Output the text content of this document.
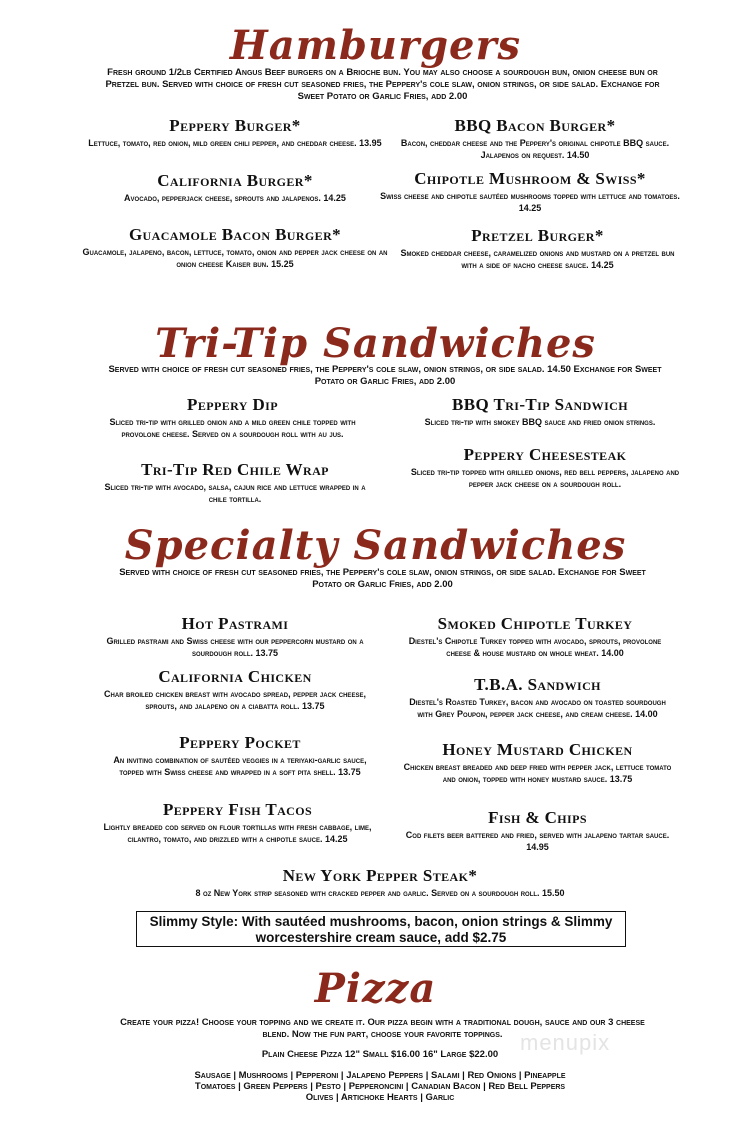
Hamburgers
Fresh ground 1/2lb Certified Angus Beef burgers on a Brioche bun. You may also choose a sourdough bun, onion cheese bun or Pretzel bun. Served with choice of fresh cut seasoned fries, the Peppery's cole slaw, onion strings, or side salad. Exchange for Sweet Potato or Garlic Fries, add 2.00
Peppery Burger*
Lettuce, tomato, red onion, mild green chili pepper, and cheddar cheese. 13.95
BBQ Bacon Burger*
Bacon, cheddar cheese and the Peppery's original chipotle BBQ sauce. Jalapenos on request. 14.50
California Burger*
Avocado, pepperjack cheese, sprouts and jalapenos. 14.25
Chipotle Mushroom & Swiss*
Swiss cheese and chipotle sautéed mushrooms topped with lettuce and tomatoes. 14.25
Guacamole Bacon Burger*
Guacamole, jalapeno, bacon, lettuce, tomato, onion and pepper jack cheese on an onion cheese Kaiser bun. 15.25
Pretzel Burger*
Smoked cheddar cheese, caramelized onions and mustard on a pretzel bun with a side of nacho cheese sauce. 14.25
Tri-Tip Sandwiches
Served with choice of fresh cut seasoned fries, the Peppery's cole slaw, onion strings, or side salad. 14.50 Exchange for Sweet Potato or Garlic Fries, add 2.00
Peppery Dip
Sliced tri-tip with grilled onion and a mild green chile topped with provolone cheese. Served on a sourdough roll with au jus.
BBQ Tri-Tip Sandwich
Sliced tri-tip with smokey BBQ sauce and fried onion strings.
Tri-Tip Red Chile Wrap
Sliced tri-tip with avocado, salsa, cajun rice and lettuce wrapped in a chile tortilla.
Peppery Cheesesteak
Sliced tri-tip topped with grilled onions, red bell peppers, jalapeno and pepper jack cheese on a sourdough roll.
Specialty Sandwiches
Served with choice of fresh cut seasoned fries, the Peppery's cole slaw, onion strings, or side salad. Exchange for Sweet Potato or Garlic Fries, add 2.00
Hot Pastrami
Grilled pastrami and Swiss cheese with our peppercorn mustard on a sourdough roll. 13.75
Smoked Chipotle Turkey
Diestel's Chipotle Turkey topped with avocado, sprouts, provolone cheese & house mustard on whole wheat. 14.00
California Chicken
Char broiled chicken breast with avocado spread, pepper jack cheese, sprouts, and jalapeno on a ciabatta roll. 13.75
T.B.A. Sandwich
Diestel's Roasted Turkey, bacon and avocado on toasted sourdough with Grey Poupon, pepper jack cheese, and cream cheese. 14.00
Peppery Pocket
An inviting combination of sautéed veggies in a teriyaki-garlic sauce, topped with Swiss cheese and wrapped in a soft pita shell. 13.75
Honey Mustard Chicken
Chicken breast breaded and deep fried with pepper jack, lettuce tomato and onion, topped with honey mustard sauce. 13.75
Peppery Fish Tacos
Lightly breaded cod served on flour tortillas with fresh cabbage, lime, cilantro, tomato, and drizzled with a chipotle sauce. 14.25
Fish & Chips
Cod filets beer battered and fried, served with jalapeno tartar sauce. 14.95
New York Pepper Steak*
8 oz New York strip seasoned with cracked pepper and garlic. Served on a sourdough roll. 15.50
Slimmy Style: With sautéed mushrooms, bacon, onion strings & Slimmy worcestershire cream sauce, add $2.75
Pizza
Create your pizza! Choose your topping and we create it. Our pizza begin with a traditional dough, sauce and our 3 cheese blend. Now the fun part, choose your favorite toppings.
Plain Cheese Pizza 12" Small $16.00 16" Large $22.00
Sausage | Mushrooms | Pepperoni | Jalapeno Peppers | Salami | Red Onions | Pineapple
Tomatoes | Green Peppers | Pesto | Pepperoncini | Canadian Bacon | Red Bell Peppers
Olives | Artichoke Hearts | Garlic
menupix
